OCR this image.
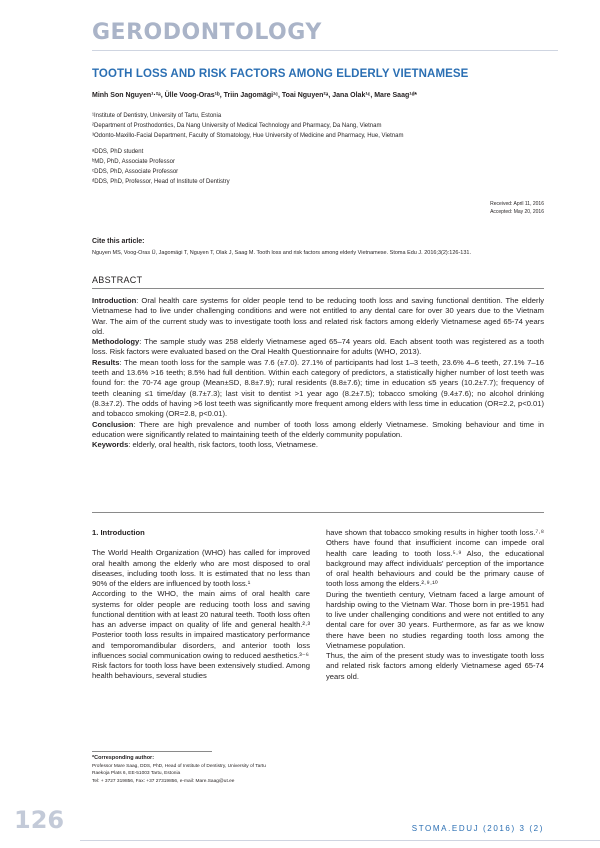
GERODONTOLOGY
TOOTH LOSS AND RISK FACTORS AMONG ELDERLY VIETNAMESE
Minh Son Nguyen¹·²ᵃ, Ülle Voog-Oras¹ᵇ, Triin Jagomägi¹ᶜ, Toai Nguyen²ᵃ, Jana Olak¹ᶜ, Mare Saag¹ᵈ*
¹Institute of Dentistry, University of Tartu, Estonia
²Department of Prosthodontics, Da Nang University of Medical Technology and Pharmacy, Da Nang, Vietnam
³Odonto-Maxillo-Facial Department, Faculty of Stomatology, Hue University of Medicine and Pharmacy, Hue, Vietnam
ᵃDDS, PhD student
ᵇMD, PhD, Associate Professor
ᶜDDS, PhD, Associate Professor
ᵈDDS, PhD, Professor, Head of Institute of Dentistry
Received: April 11, 2016
Accepted: May 20, 2016
Cite this article:
Nguyen MS, Voog-Oras Ü, Jagomägi T, Nguyen T, Olak J, Saag M. Tooth loss and risk factors among elderly Vietnamese. Stoma Edu J. 2016;3(2):126-131.
ABSTRACT

Introduction: Oral health care systems for older people tend to be reducing tooth loss and saving functional dentition. The elderly Vietnamese had to live under challenging conditions and were not entitled to any dental care for over 30 years due to the Vietnam War. The aim of the current study was to investigate tooth loss and related risk factors among elderly Vietnamese aged 65-74 years old.

Methodology: The sample study was 258 elderly Vietnamese aged 65–74 years old. Each absent tooth was registered as a tooth loss. Risk factors were evaluated based on the Oral Health Questionnaire for adults (WHO, 2013).

Results: The mean tooth loss for the sample was 7.6 (±7.0). 27.1% of participants had lost 1–3 teeth, 23.6% 4–6 teeth, 27.1% 7–16 teeth and 13.6% >16 teeth; 8.5% had full dentition. Within each category of predictors, a statistically higher number of lost teeth was found for: the 70-74 age group (Mean±SD, 8.8±7.9); rural residents (8.8±7.6); time in education ≤5 years (10.2±7.7); frequency of teeth cleaning ≤1 time/day (8.7±7.3); last visit to dentist >1 year ago (8.2±7.5); tobacco smoking (9.4±7.6); no alcohol drinking (8.3±7.2). The odds of having >6 lost teeth was significantly more frequent among elders with less time in education (OR=2.2, p<0.01) and tobacco smoking (OR=2.8, p<0.01).

Conclusion: There are high prevalence and number of tooth loss among elderly Vietnamese. Smoking behaviour and time in education were significantly related to maintaining teeth of the elderly community population.

Keywords: elderly, oral health, risk factors, tooth loss, Vietnamese.

1. Introduction

The World Health Organization (WHO) has called for improved oral health among the elderly who are most disposed to oral diseases, including tooth loss. It is estimated that no less than 90% of the elders are influenced by tooth loss.¹

According to the WHO, the main aims of oral health care systems for older people are reducing tooth loss and saving functional dentition with at least 20 natural teeth. Tooth loss often has an adverse impact on quality of life and general health.²·³ Posterior tooth loss results in impaired masticatory performance and temporomandibular disorders, and anterior tooth loss influences social communication owing to reduced aesthetics.³⁻⁶

Risk factors for tooth loss have been extensively studied. Among health behaviours, several studies

have shown that tobacco smoking results in higher tooth loss.⁷·⁸ Others have found that insufficient income can impede oral health care leading to tooth loss.⁵·⁹ Also, the educational background may affect individuals' perception of the importance of oral health behaviours and could be the primary cause of tooth loss among the elders.²·⁹·¹⁰

During the twentieth century, Vietnam faced a large amount of hardship owing to the Vietnam War. Those born in pre-1951 had to live under challenging conditions and were not entitled to any dental care for over 30 years. Furthermore, as far as we know there have been no studies regarding tooth loss among the Vietnamese population.

Thus, the aim of the present study was to investigate tooth loss and related risk factors among elderly Vietnamese aged 65-74 years old.

*Corresponding author:
Professor Mare Saag, DDS, PhD, Head of Institute of Dentistry, University of Tartu
Raekoja Plats 6, EE-51003 Tartu, Estonia
Tel: + 3727 319856, Fax: +37 27319856, e-mail: Mare.Saag@ut.ee
126	STOMA.EDUJ (2016) 3 (2)
